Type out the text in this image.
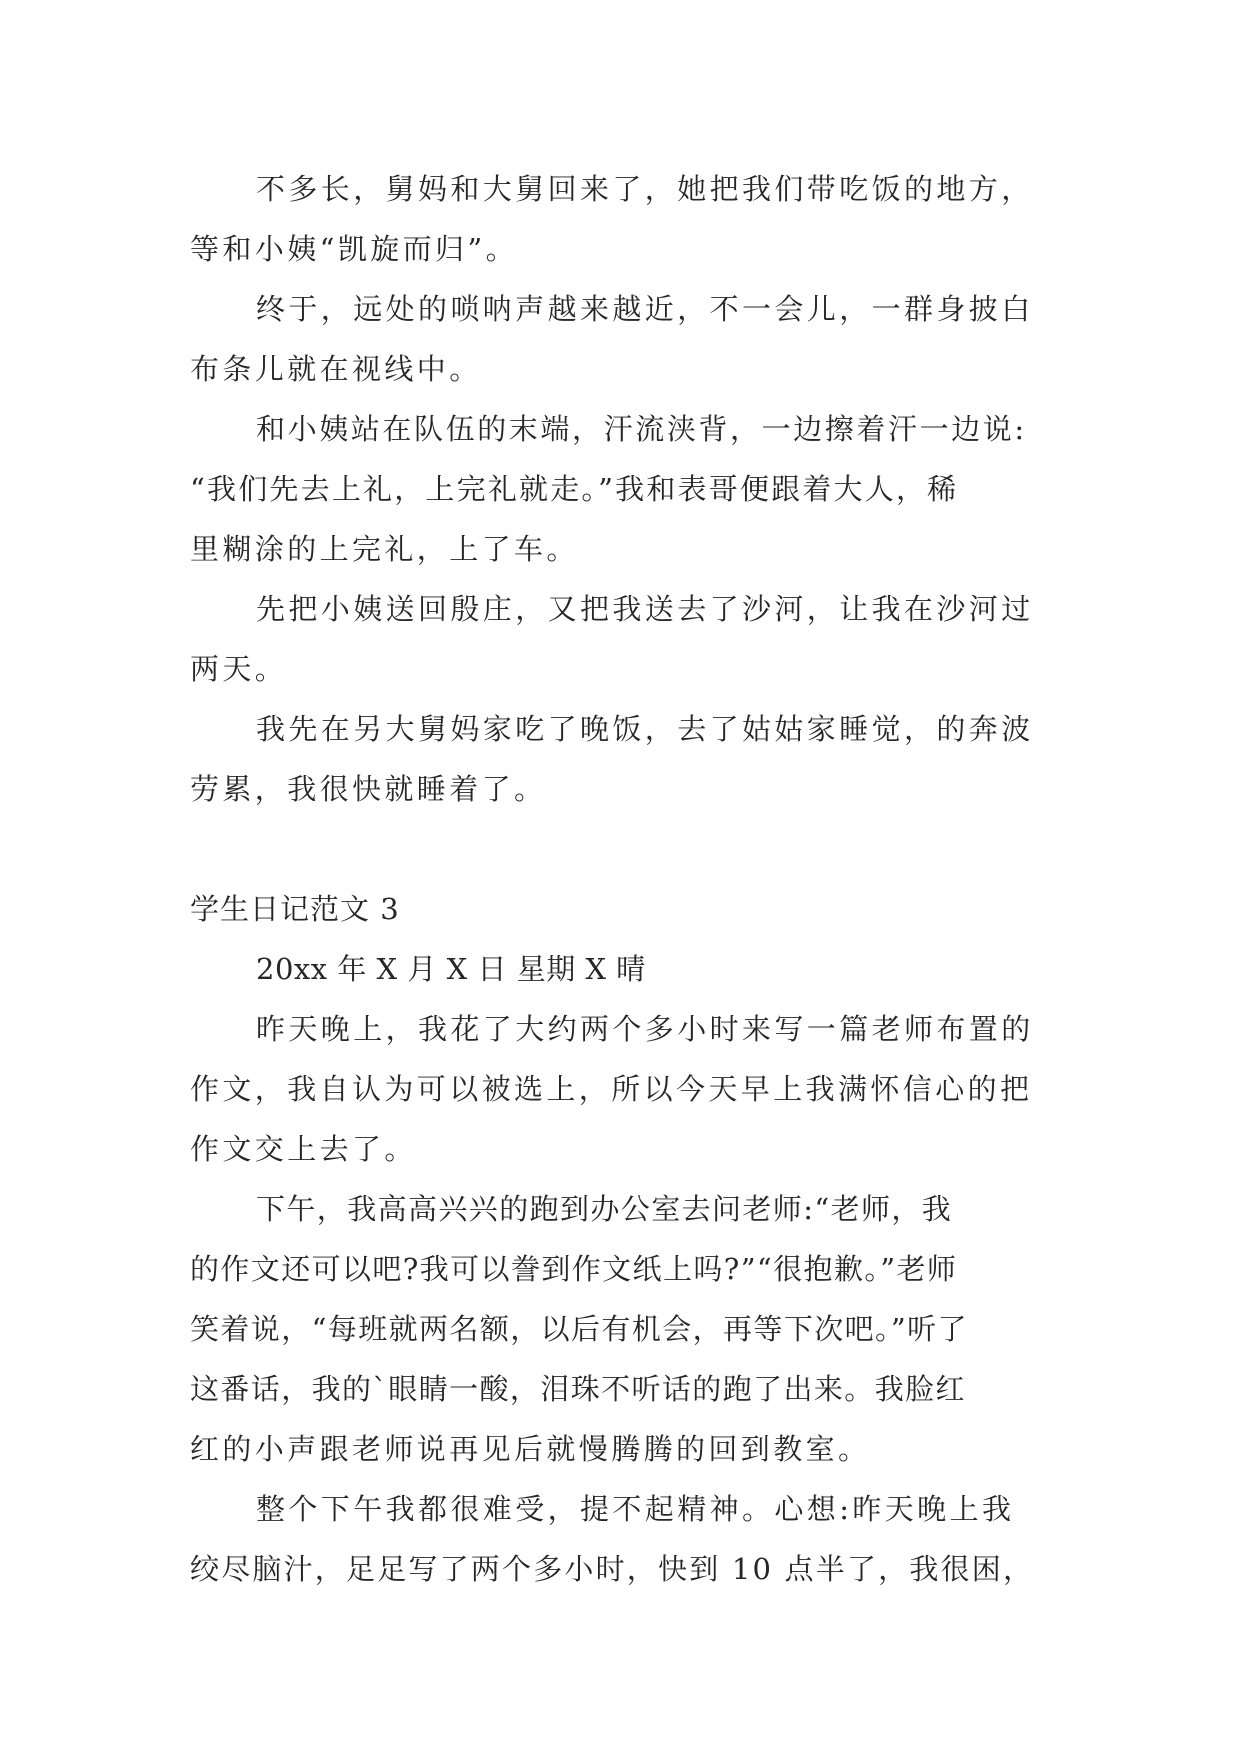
不多长，舅妈和大舅回来了，她把我们带吃饭的地方，
等和小姨“凯旋而归”。
终于，远处的唢呐声越来越近，不一会儿，一群身披白
布条儿就在视线中。
和小姨站在队伍的末端，汗流浃背，一边擦着汗一边说:
“我们先去上礼，上完礼就走。”我和表哥便跟着大人，稀
里糊涂的上完礼，上了车。
先把小姨送回殷庄，又把我送去了沙河，让我在沙河过
两天。
我先在另大舅妈家吃了晚饭，去了姑姑家睡觉，的奔波
劳累，我很快就睡着了。
学生日记范文 3
20xx 年 X 月 X 日 星期 X 晴
昨天晚上，我花了大约两个多小时来写一篇老师布置的
作文，我自认为可以被选上，所以今天早上我满怀信心的把
作文交上去了。
下午，我高高兴兴的跑到办公室去问老师:“老师，我
的作文还可以吧?我可以誊到作文纸上吗?”“很抱歉。”老师
笑着说，“每班就两名额，以后有机会，再等下次吧。”听了
这番话，我的`眼睛一酸，泪珠不听话的跑了出来。我脸红
红的小声跟老师说再见后就慢腾腾的回到教室。
整个下午我都很难受，提不起精神。心想:昨天晚上我
绞尽脑汁，足足写了两个多小时，快到 10 点半了，我很困，
